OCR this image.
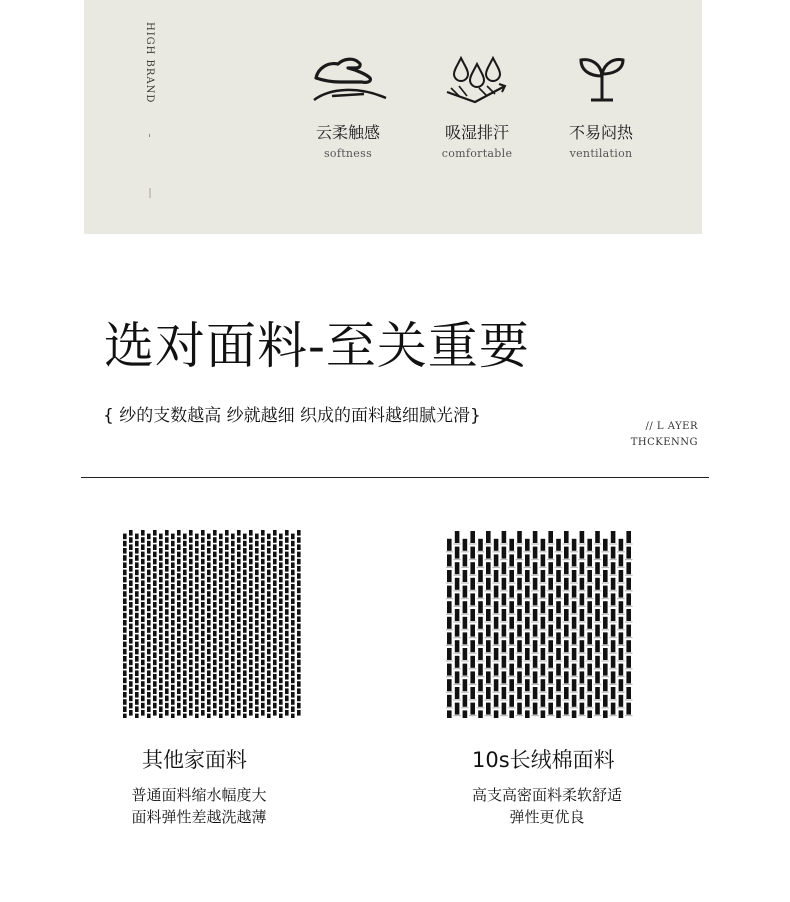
HIGH BRAND
云柔触感
softness
吸湿排汗
comfortable
不易闷热
ventilation
选对面料-至关重要
{ 纱的支数越高 纱就越细 织成的面料越细腻光滑}
// L AYER
THCKENNG
其他家面料
普通面料缩水幅度大
面料弹性差越洗越薄
10s长绒棉面料
高支高密面料柔软舒适
弹性更优良
